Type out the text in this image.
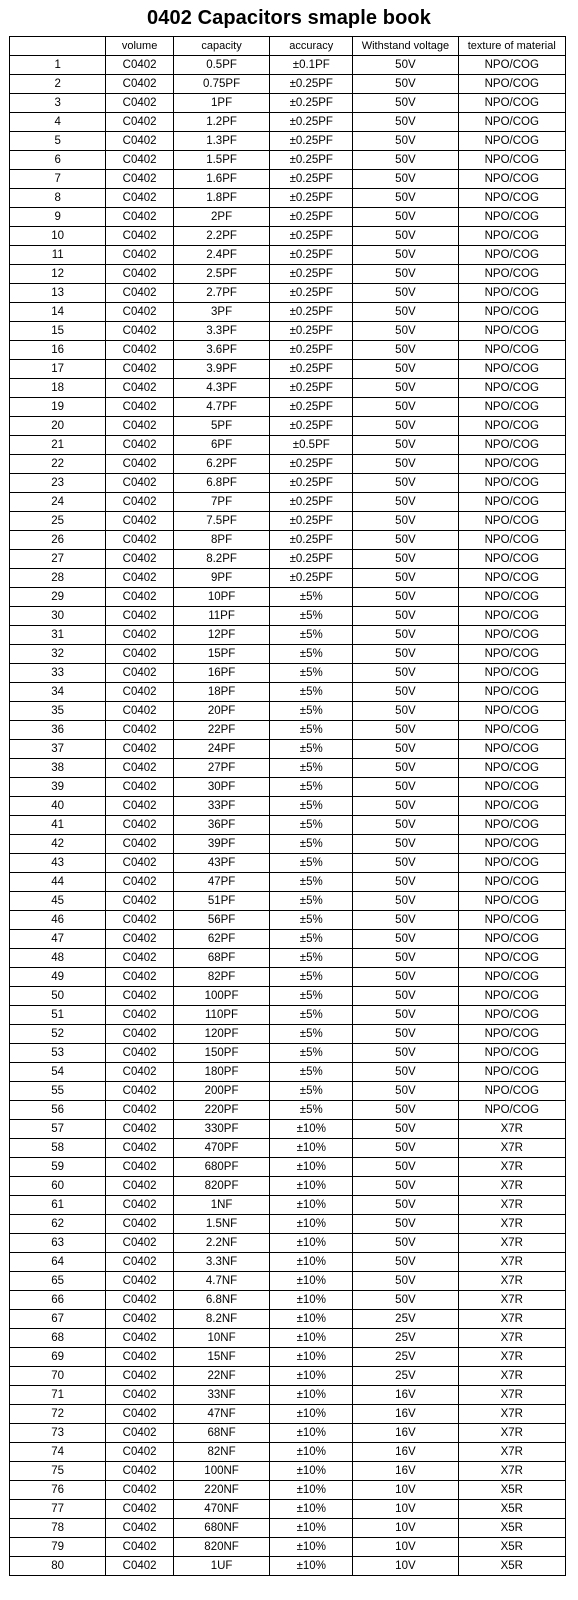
0402 Capacitors smaple book
	volume	capacity	accuracy	Withstand voltage	texture of material
1	C0402	0.5PF	±0.1PF	50V	NPO/COG
2	C0402	0.75PF	±0.25PF	50V	NPO/COG
3	C0402	1PF	±0.25PF	50V	NPO/COG
4	C0402	1.2PF	±0.25PF	50V	NPO/COG
5	C0402	1.3PF	±0.25PF	50V	NPO/COG
6	C0402	1.5PF	±0.25PF	50V	NPO/COG
7	C0402	1.6PF	±0.25PF	50V	NPO/COG
8	C0402	1.8PF	±0.25PF	50V	NPO/COG
9	C0402	2PF	±0.25PF	50V	NPO/COG
10	C0402	2.2PF	±0.25PF	50V	NPO/COG
11	C0402	2.4PF	±0.25PF	50V	NPO/COG
12	C0402	2.5PF	±0.25PF	50V	NPO/COG
13	C0402	2.7PF	±0.25PF	50V	NPO/COG
14	C0402	3PF	±0.25PF	50V	NPO/COG
15	C0402	3.3PF	±0.25PF	50V	NPO/COG
16	C0402	3.6PF	±0.25PF	50V	NPO/COG
17	C0402	3.9PF	±0.25PF	50V	NPO/COG
18	C0402	4.3PF	±0.25PF	50V	NPO/COG
19	C0402	4.7PF	±0.25PF	50V	NPO/COG
20	C0402	5PF	±0.25PF	50V	NPO/COG
21	C0402	6PF	±0.5PF	50V	NPO/COG
22	C0402	6.2PF	±0.25PF	50V	NPO/COG
23	C0402	6.8PF	±0.25PF	50V	NPO/COG
24	C0402	7PF	±0.25PF	50V	NPO/COG
25	C0402	7.5PF	±0.25PF	50V	NPO/COG
26	C0402	8PF	±0.25PF	50V	NPO/COG
27	C0402	8.2PF	±0.25PF	50V	NPO/COG
28	C0402	9PF	±0.25PF	50V	NPO/COG
29	C0402	10PF	±5%	50V	NPO/COG
30	C0402	11PF	±5%	50V	NPO/COG
31	C0402	12PF	±5%	50V	NPO/COG
32	C0402	15PF	±5%	50V	NPO/COG
33	C0402	16PF	±5%	50V	NPO/COG
34	C0402	18PF	±5%	50V	NPO/COG
35	C0402	20PF	±5%	50V	NPO/COG
36	C0402	22PF	±5%	50V	NPO/COG
37	C0402	24PF	±5%	50V	NPO/COG
38	C0402	27PF	±5%	50V	NPO/COG
39	C0402	30PF	±5%	50V	NPO/COG
40	C0402	33PF	±5%	50V	NPO/COG
41	C0402	36PF	±5%	50V	NPO/COG
42	C0402	39PF	±5%	50V	NPO/COG
43	C0402	43PF	±5%	50V	NPO/COG
44	C0402	47PF	±5%	50V	NPO/COG
45	C0402	51PF	±5%	50V	NPO/COG
46	C0402	56PF	±5%	50V	NPO/COG
47	C0402	62PF	±5%	50V	NPO/COG
48	C0402	68PF	±5%	50V	NPO/COG
49	C0402	82PF	±5%	50V	NPO/COG
50	C0402	100PF	±5%	50V	NPO/COG
51	C0402	110PF	±5%	50V	NPO/COG
52	C0402	120PF	±5%	50V	NPO/COG
53	C0402	150PF	±5%	50V	NPO/COG
54	C0402	180PF	±5%	50V	NPO/COG
55	C0402	200PF	±5%	50V	NPO/COG
56	C0402	220PF	±5%	50V	NPO/COG
57	C0402	330PF	±10%	50V	X7R
58	C0402	470PF	±10%	50V	X7R
59	C0402	680PF	±10%	50V	X7R
60	C0402	820PF	±10%	50V	X7R
61	C0402	1NF	±10%	50V	X7R
62	C0402	1.5NF	±10%	50V	X7R
63	C0402	2.2NF	±10%	50V	X7R
64	C0402	3.3NF	±10%	50V	X7R
65	C0402	4.7NF	±10%	50V	X7R
66	C0402	6.8NF	±10%	50V	X7R
67	C0402	8.2NF	±10%	25V	X7R
68	C0402	10NF	±10%	25V	X7R
69	C0402	15NF	±10%	25V	X7R
70	C0402	22NF	±10%	25V	X7R
71	C0402	33NF	±10%	16V	X7R
72	C0402	47NF	±10%	16V	X7R
73	C0402	68NF	±10%	16V	X7R
74	C0402	82NF	±10%	16V	X7R
75	C0402	100NF	±10%	16V	X7R
76	C0402	220NF	±10%	10V	X5R
77	C0402	470NF	±10%	10V	X5R
78	C0402	680NF	±10%	10V	X5R
79	C0402	820NF	±10%	10V	X5R
80	C0402	1UF	±10%	10V	X5R
